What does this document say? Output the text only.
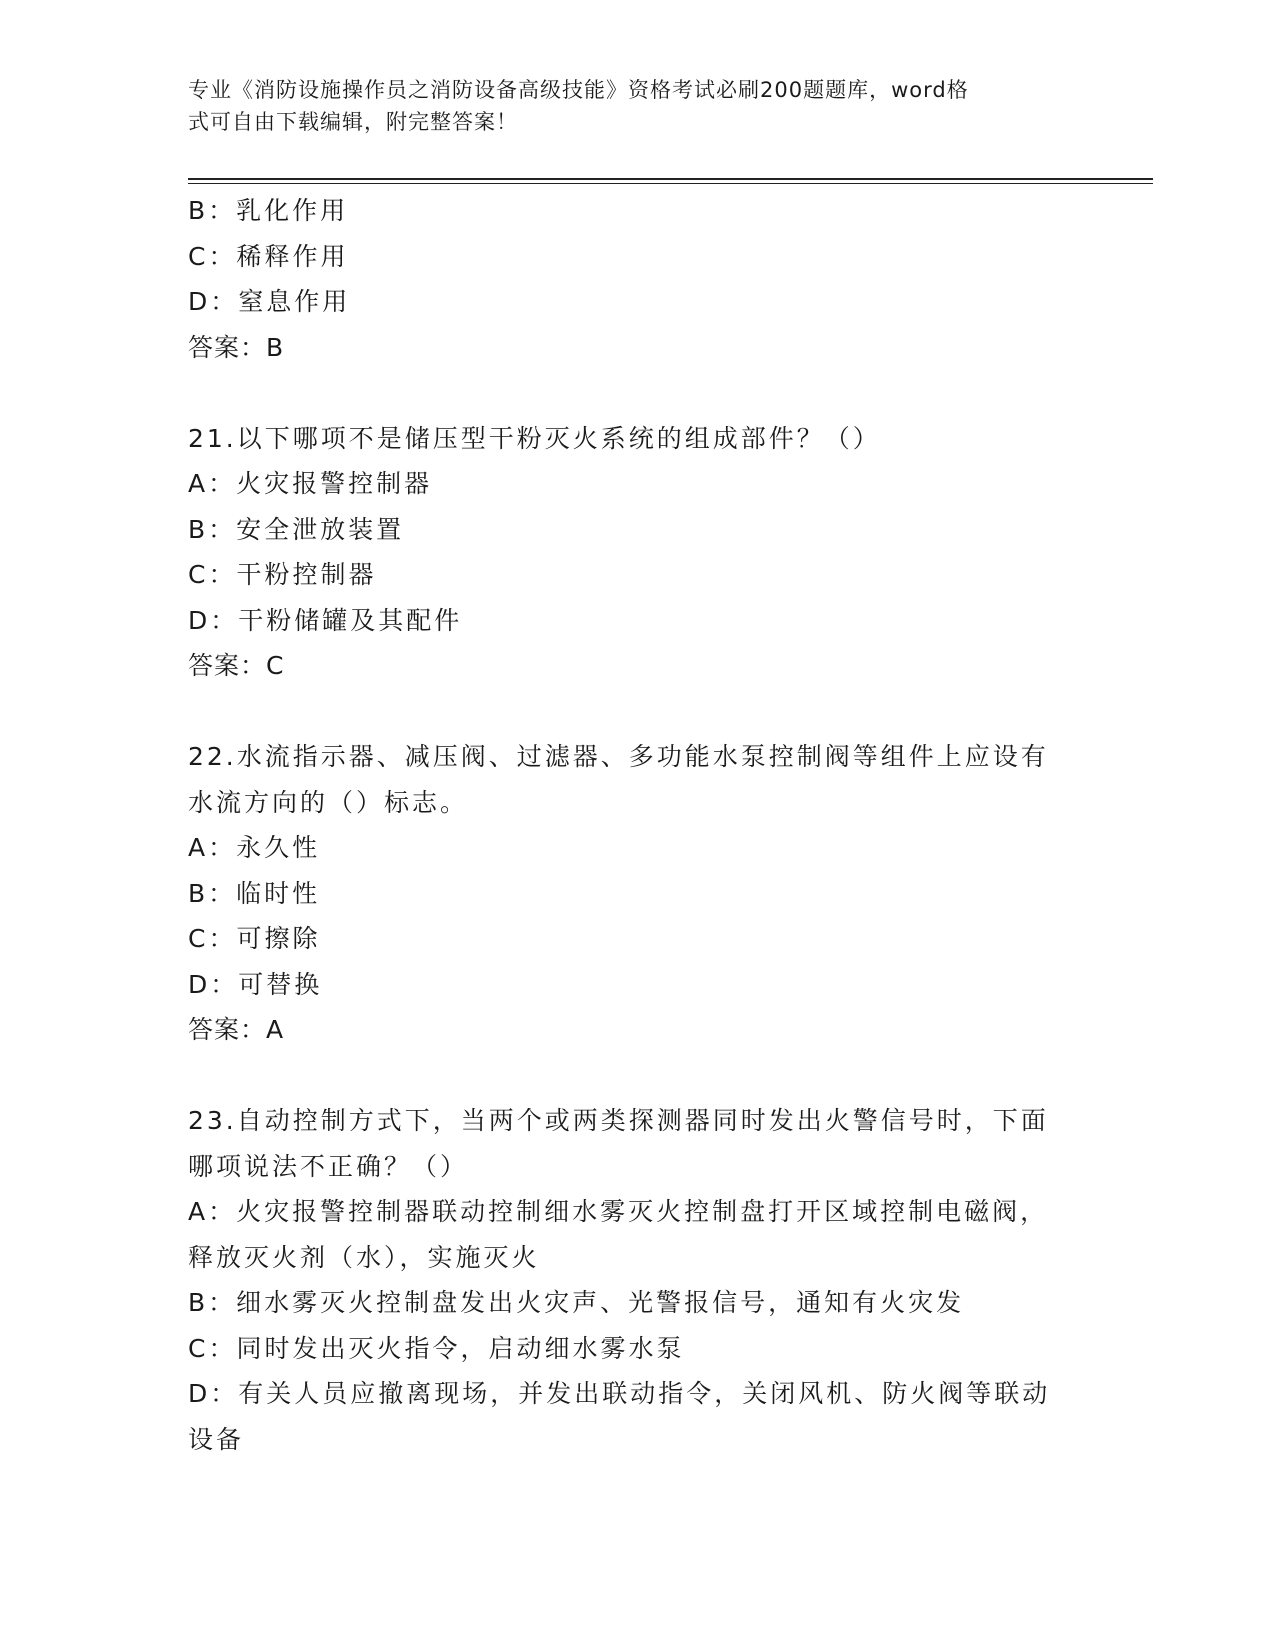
专业《消防设施操作员之消防设备高级技能》资格考试必刷200题题库，word格
式可自由下载编辑，附完整答案！
B：乳化作用
C：稀释作用
D：窒息作用
答案：B
21.以下哪项不是储压型干粉灭火系统的组成部件？（）
A：火灾报警控制器
B：安全泄放装置
C：干粉控制器
D：干粉储罐及其配件
答案：C
22.水流指示器、减压阀、过滤器、多功能水泵控制阀等组件上应设有
水流方向的（）标志。
A：永久性
B：临时性
C：可擦除
D：可替换
答案：A
23.自动控制方式下，当两个或两类探测器同时发出火警信号时，下面
哪项说法不正确？（）
A：火灾报警控制器联动控制细水雾灭火控制盘打开区域控制电磁阀，
释放灭火剂（水），实施灭火
B：细水雾灭火控制盘发出火灾声、光警报信号，通知有火灾发
C：同时发出灭火指令，启动细水雾水泵
D：有关人员应撤离现场，并发出联动指令，关闭风机、防火阀等联动
设备
